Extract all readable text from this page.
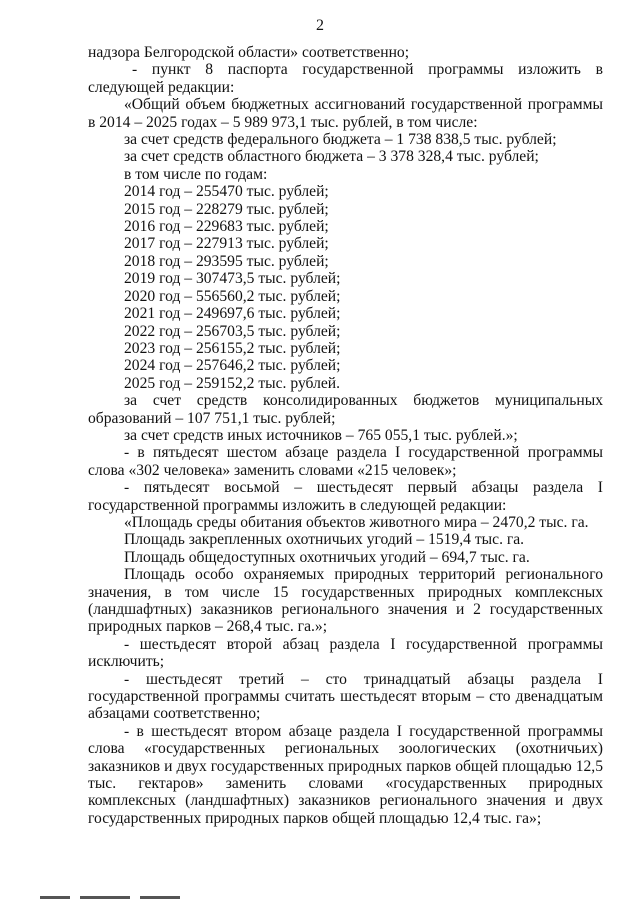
2

надзора Белгородской области» соответственно;

- пункт 8 паспорта государственной программы изложить в следующей редакции:

«Общий объем бюджетных ассигнований государственной программы в 2014 – 2025 годах – 5 989 973,1 тыс. рублей, в том числе:

за счет средств федерального бюджета – 1 738 838,5 тыс. рублей;

за счет средств областного бюджета – 3 378 328,4 тыс. рублей;

в том числе по годам:

2014 год – 255470 тыс. рублей;

2015 год – 228279 тыс. рублей;

2016 год – 229683 тыс. рублей;

2017 год – 227913 тыс. рублей;

2018 год – 293595 тыс. рублей;

2019 год – 307473,5 тыс. рублей;

2020 год – 556560,2 тыс. рублей;

2021 год – 249697,6 тыс. рублей;

2022 год – 256703,5 тыс. рублей;

2023 год – 256155,2 тыс. рублей;

2024 год – 257646,2 тыс. рублей;

2025 год – 259152,2 тыс. рублей.

за счет средств консолидированных бюджетов муниципальных образований – 107 751,1 тыс. рублей;

за счет средств иных источников – 765 055,1 тыс. рублей.»;

- в пятьдесят шестом абзаце раздела I государственной программы слова «302 человека» заменить словами «215 человек»;

- пятьдесят восьмой – шестьдесят первый абзацы раздела I государственной программы изложить в следующей редакции:

«Площадь среды обитания объектов животного мира – 2470,2 тыс. га.

Площадь закрепленных охотничьих угодий – 1519,4 тыс. га.

Площадь общедоступных охотничьих угодий – 694,7 тыс. га.

Площадь особо охраняемых природных территорий регионального значения, в том числе 15 государственных природных комплексных (ландшафтных) заказников регионального значения и 2 государственных природных парков – 268,4 тыс. га.»;

- шестьдесят второй абзац раздела I государственной программы исключить;

- шестьдесят третий – сто тринадцатый абзацы раздела I государственной программы считать шестьдесят вторым – сто двенадцатым абзацами соответственно;

- в шестьдесят втором абзаце раздела I государственной программы слова «государственных региональных зоологических (охотничьих) заказников и двух государственных природных парков общей площадью 12,5 тыс. гектаров» заменить словами «государственных природных комплексных (ландшафтных) заказников регионального значения и двух государственных природных парков общей площадью 12,4 тыс. га»;
